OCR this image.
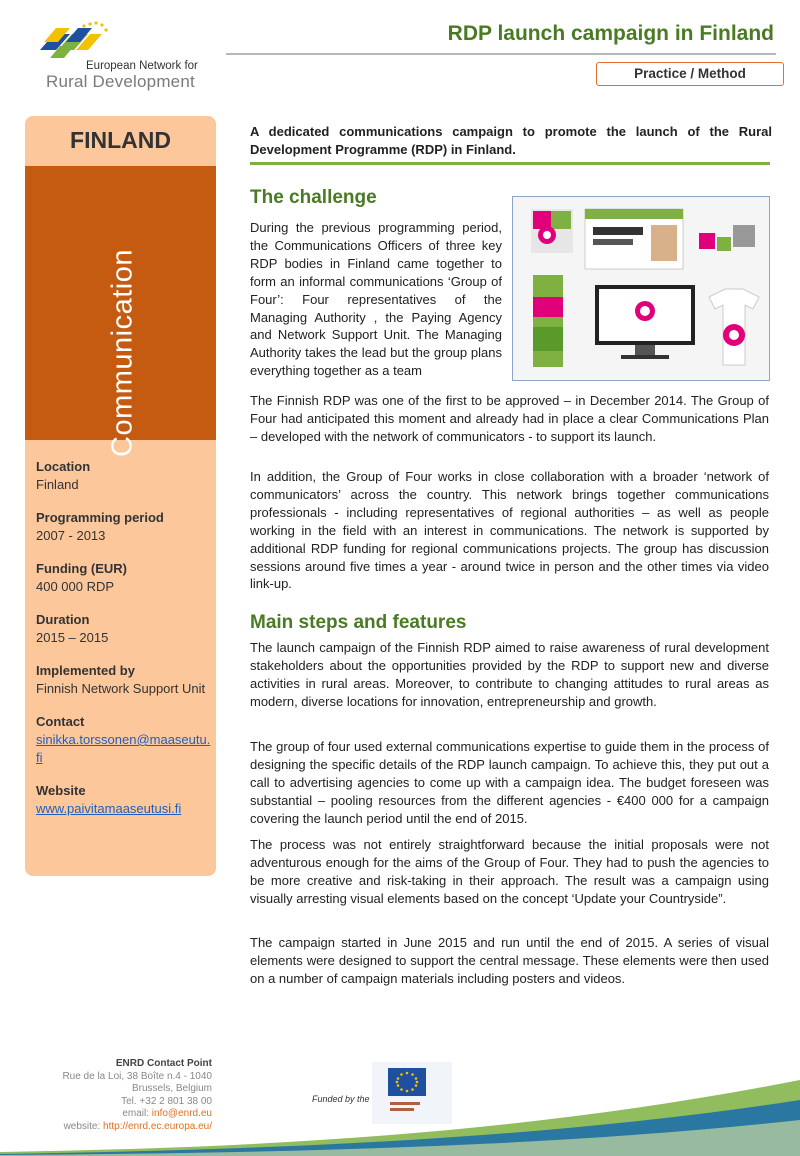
European Network for
Rural Development
RDP launch campaign in Finland
Practice / Method
FINLAND
Communication
Location
Finland
Programming period
2007 - 2013
Funding (EUR)
400 000 RDP
Duration
2015 – 2015
Implemented by
Finnish Network Support Unit
Contact
sinikka.torssonen@maaseutu.fi
Website
www.paivitamaaseutusi.fi
A dedicated communications campaign to promote the launch of the Rural Development Programme (RDP) in Finland.
The challenge
During the previous programming period, the Communications Officers of three key RDP bodies in Finland came together to form an informal communications ‘Group of Four’: Four representatives of the Managing Authority , the Paying Agency and Network Support Unit. The Managing Authority takes the lead but the group plans everything together as a team
The Finnish RDP was one of the first to be approved – in December 2014. The Group of Four had anticipated this moment and already had in place a clear Communications Plan – developed with the network of communicators - to support its launch.
In addition, the Group of Four works in close collaboration with a broader ‘network of communicators’ across the country. This network brings together communications professionals - including representatives of regional authorities – as well as people working in the field with an interest in communications. The network is supported by additional RDP funding for regional communications projects. The group has discussion sessions around five times a year - around twice in person and the other times via video link-up.
Main steps and features
The launch campaign of the Finnish RDP aimed to raise awareness of rural development stakeholders about the opportunities provided by the RDP to support new and diverse activities in rural areas. Moreover, to contribute to changing attitudes to rural areas as modern, diverse locations for innovation, entrepreneurship and growth.
The group of four used external communications expertise to guide them in the process of designing the specific details of the RDP launch campaign. To achieve this, they put out a call to advertising agencies to come up with a campaign idea. The budget foreseen was substantial – pooling resources from the different agencies - €400 000 for a campaign covering the launch period until the end of 2015.
The process was not entirely straightforward because the initial proposals were not adventurous enough for the aims of the Group of Four. They had to push the agencies to be more creative and risk-taking in their approach. The result was a campaign using visually arresting visual elements based on the concept ‘Update your Countryside”.
The campaign started in June 2015 and run until the end of 2015. A series of visual elements were designed to support the central message. These elements were then used on a number of campaign materials including posters and videos.
ENRD Contact Point
Rue de la Loi, 38 Boîte n.4 - 1040
Brussels, Belgium
Tel. +32 2 801 38 00
email: info@enrd.eu
website: http://enrd.ec.europa.eu/
Funded by the
